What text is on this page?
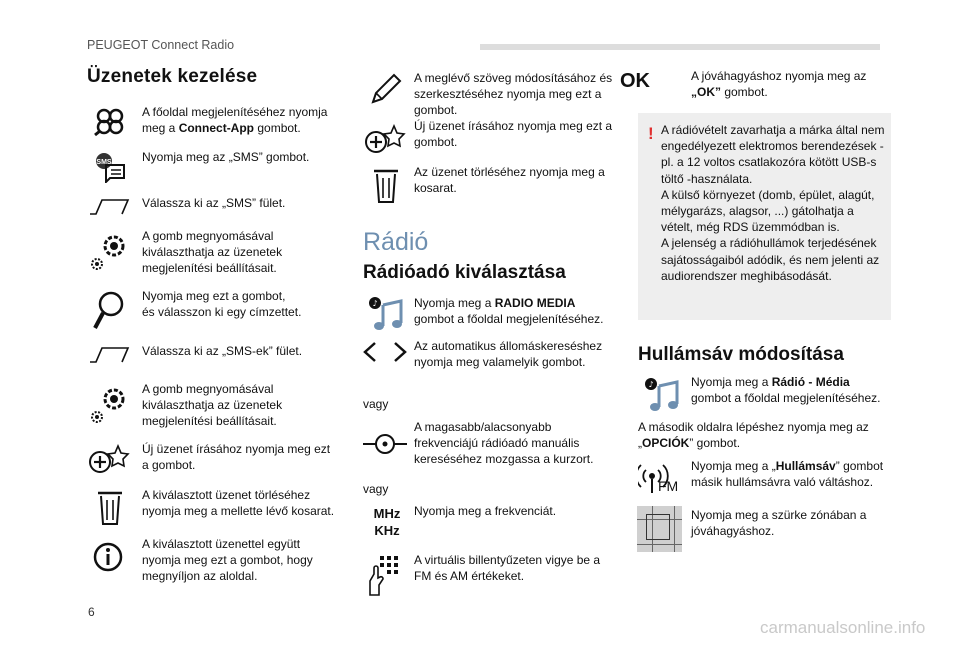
PEUGEOT Connect Radio
Üzenetek kezelése
A főoldal megjelenítéséhez nyomja meg a Connect-App gombot.
SMS	Nyomja meg az „SMS” gombot.
Válassza ki az „SMS” fület.
A gomb megnyomásával kiválaszthatja az üzenetek megjelenítési beállításait.
Nyomja meg ezt a gombot,
és válasszon ki egy címzettet.
Válassza ki az „SMS-ek” fület.
A gomb megnyomásával kiválaszthatja az üzenetek megjelenítési beállításait.
Új üzenet írásához nyomja meg ezt a gombot.
A kiválasztott üzenet törléséhez nyomja meg a mellette lévő kosarat.
A kiválasztott üzenettel együtt nyomja meg ezt a gombot, hogy megnyíljon az aloldal.
A meglévő szöveg módosításához és szerkesztéséhez nyomja meg ezt a gombot.
Új üzenet írásához nyomja meg ezt a gombot.
Az üzenet törléséhez nyomja meg a kosarat.
Rádió
Rádióadó kiválasztása
♪	Nyomja meg a RADIO MEDIA gombot a főoldal megjelenítéséhez.
Az automatikus állomáskereséshez nyomja meg valamelyik gombot.
vagy
A magasabb/alacsonyabb frekvenciájú rádióadó manuális kereséséhez mozgassa a kurzort.
vagy
MHz
KHz
Nyomja meg a frekvenciát.
A virtuális billentyűzeten vigye be a FM és AM értékeket.
OK	A jóváhagyáshoz nyomja meg az „OK” gombot.
! A rádióvételt zavarhatja a márka által nem engedélyezett elektromos berendezések - pl. a 12 voltos csatlakozóra kötött USB-s töltő -használata.
A külső környezet (domb, épület, alagút, mélygarázs, alagsor, ...) gátolhatja a vételt, még RDS üzemmódban is.
A jelenség a rádióhullámok terjedésének sajátosságaiból adódik, és nem jelenti az audiorendszer meghibásodását.
Hullámsáv módosítása
♪	Nyomja meg a Rádió - Média gombot a főoldal megjelenítéséhez.
A második oldalra lépéshez nyomja meg az „OPCIÓK” gombot.
FM
Nyomja meg a „Hullámsáv” gombot másik hullámsávra való váltáshoz.
Nyomja meg a szürke zónában a jóváhagyáshoz.
6
carmanualsonline.info
